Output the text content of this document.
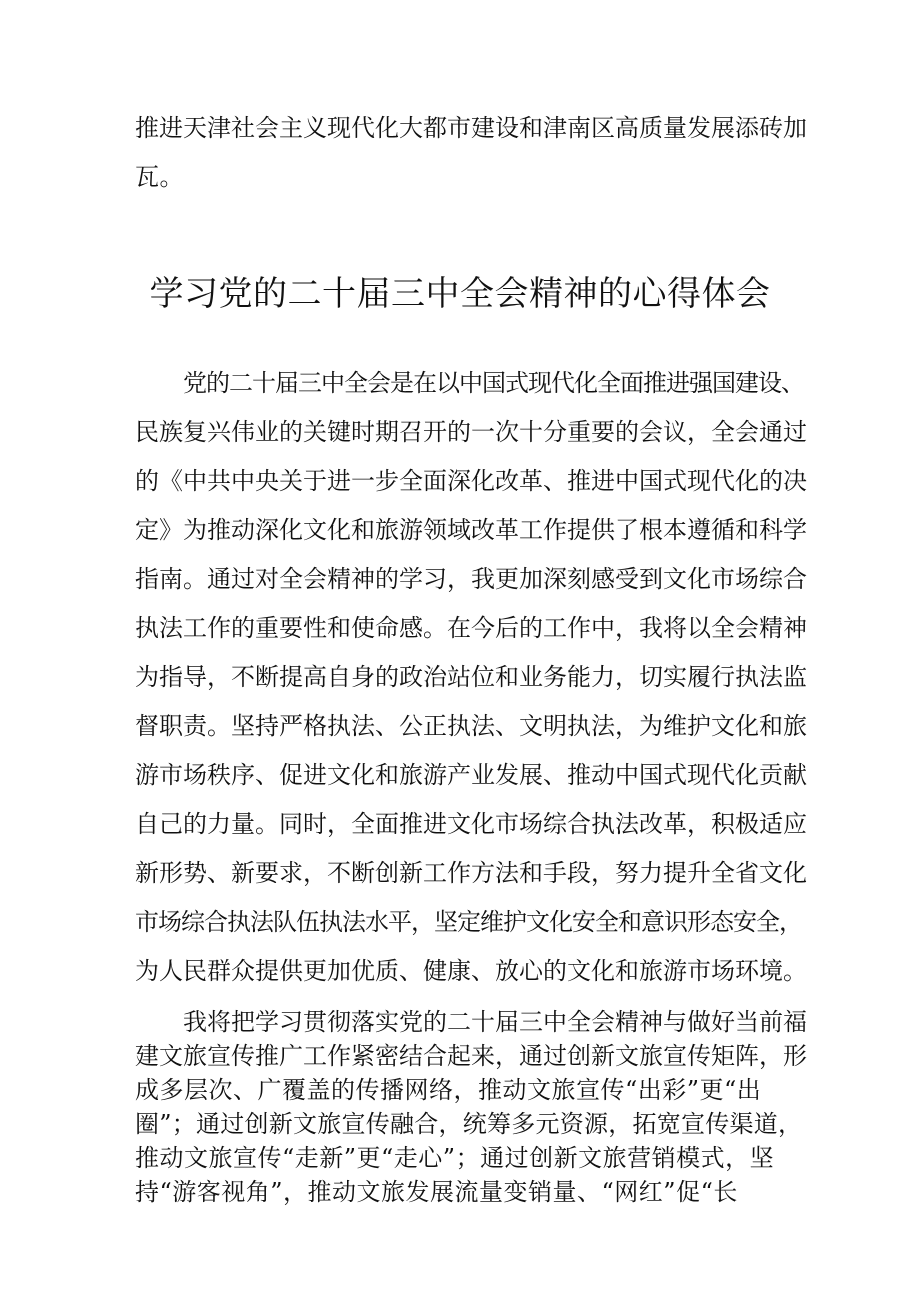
推进天津社会主义现代化大都市建设和津南区高质量发展添砖加
瓦。
学习党的二十届三中全会精神的心得体会
党的二十届三中全会是在以中国式现代化全面推进强国建设、
民族复兴伟业的关键时期召开的一次十分重要的会议，全会通过
的《中共中央关于进一步全面深化改革、推进中国式现代化的决
定》为推动深化文化和旅游领域改革工作提供了根本遵循和科学
指南。通过对全会精神的学习，我更加深刻感受到文化市场综合
执法工作的重要性和使命感。在今后的工作中，我将以全会精神
为指导，不断提高自身的政治站位和业务能力，切实履行执法监
督职责。坚持严格执法、公正执法、文明执法，为维护文化和旅
游市场秩序、促进文化和旅游产业发展、推动中国式现代化贡献
自己的力量。同时，全面推进文化市场综合执法改革，积极适应
新形势、新要求，不断创新工作方法和手段，努力提升全省文化
市场综合执法队伍执法水平，坚定维护文化安全和意识形态安全，
为人民群众提供更加优质、健康、放心的文化和旅游市场环境。
我将把学习贯彻落实党的二十届三中全会精神与做好当前福
建文旅宣传推广工作紧密结合起来，通过创新文旅宣传矩阵，形
成多层次、广覆盖的传播网络，推动文旅宣传“出彩”更“出
圈”；通过创新文旅宣传融合，统筹多元资源，拓宽宣传渠道，
推动文旅宣传“走新”更“走心”；通过创新文旅营销模式，坚
持“游客视角”，推动文旅发展流量变销量、“网红”促“长
